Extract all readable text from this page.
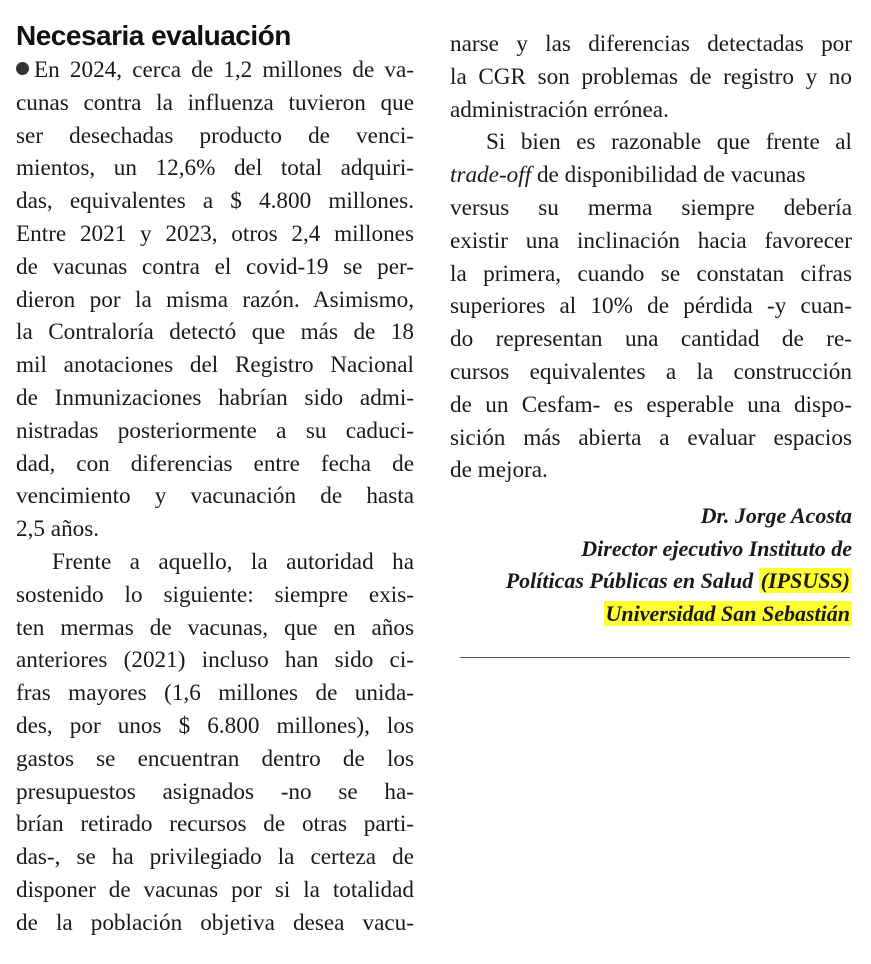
Necesaria evaluación
En 2024, cerca de 1,2 millones de va-
cunas contra la influenza tuvieron que
ser desechadas producto de venci-
mientos, un 12,6% del total adquiri-
das, equivalentes a $ 4.800 millones.
Entre 2021 y 2023, otros 2,4 millones
de vacunas contra el covid-19 se per-
dieron por la misma razón. Asimismo,
la Contraloría detectó que más de 18
mil anotaciones del Registro Nacional
de Inmunizaciones habrían sido admi-
nistradas posteriormente a su caduci-
dad, con diferencias entre fecha de
vencimiento y vacunación de hasta
2,5 años.
Frente a aquello, la autoridad ha
sostenido lo siguiente: siempre exis-
ten mermas de vacunas, que en años
anteriores (2021) incluso han sido ci-
fras mayores (1,6 millones de unida-
des, por unos $ 6.800 millones), los
gastos se encuentran dentro de los
presupuestos asignados -no se ha-
brían retirado recursos de otras parti-
das-, se ha privilegiado la certeza de
disponer de vacunas por si la totalidad
de la población objetiva desea vacu-
narse y las diferencias detectadas por
la CGR son problemas de registro y no
administración errónea.
Si bien es razonable que frente al
trade-off de disponibilidad de vacunas
versus su merma siempre debería
existir una inclinación hacia favorecer
la primera, cuando se constatan cifras
superiores al 10% de pérdida -y cuan-
do representan una cantidad de re-
cursos equivalentes a la construcción
de un Cesfam- es esperable una dispo-
sición más abierta a evaluar espacios
de mejora.
Dr. Jorge Acosta
Director ejecutivo Instituto de
Políticas Públicas en Salud (IPSUSS)
Universidad San Sebastián
